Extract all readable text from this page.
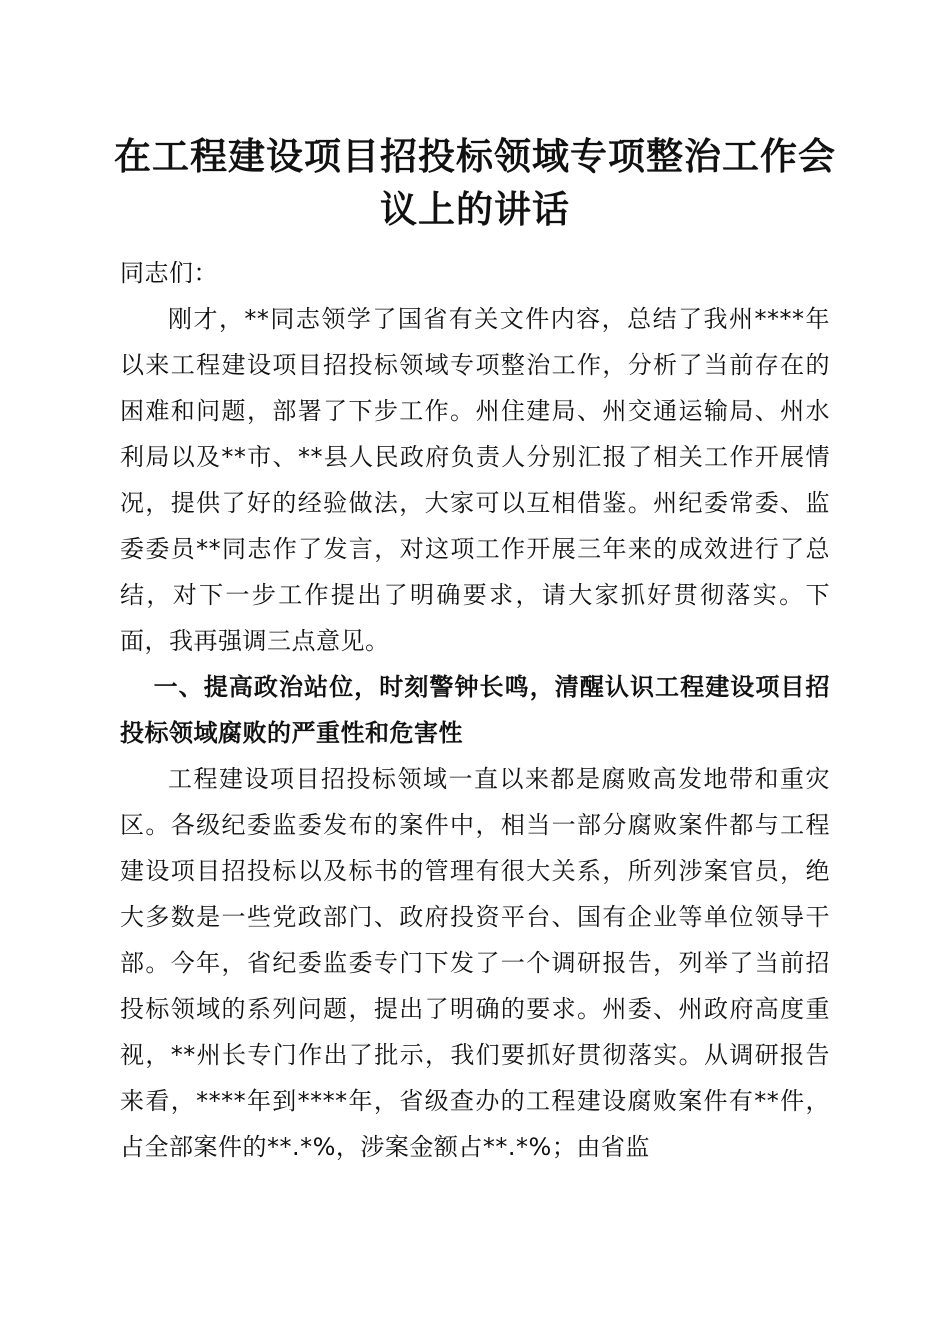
在工程建设项目招投标领域专项整治工作会议上的讲话

同志们：

刚才，**同志领学了国省有关文件内容，总结了我州****年以来工程建设项目招投标领域专项整治工作，分析了当前存在的困难和问题，部署了下步工作。州住建局、州交通运输局、州水利局以及**市、**县人民政府负责人分别汇报了相关工作开展情况，提供了好的经验做法，大家可以互相借鉴。州纪委常委、监委委员**同志作了发言，对这项工作开展三年来的成效进行了总结，对下一步工作提出了明确要求，请大家抓好贯彻落实。下面，我再强调三点意见。

一、提高政治站位，时刻警钟长鸣，清醒认识工程建设项目招投标领域腐败的严重性和危害性

工程建设项目招投标领域一直以来都是腐败高发地带和重灾区。各级纪委监委发布的案件中，相当一部分腐败案件都与工程建设项目招投标以及标书的管理有很大关系，所列涉案官员，绝大多数是一些党政部门、政府投资平台、国有企业等单位领导干部。今年，省纪委监委专门下发了一个调研报告，列举了当前招投标领域的系列问题，提出了明确的要求。州委、州政府高度重视，**州长专门作出了批示，我们要抓好贯彻落实。从调研报告来看，****年到****年，省级查办的工程建设腐败案件有**件，占全部案件的**.*%，涉案金额占**.*%；由省监
